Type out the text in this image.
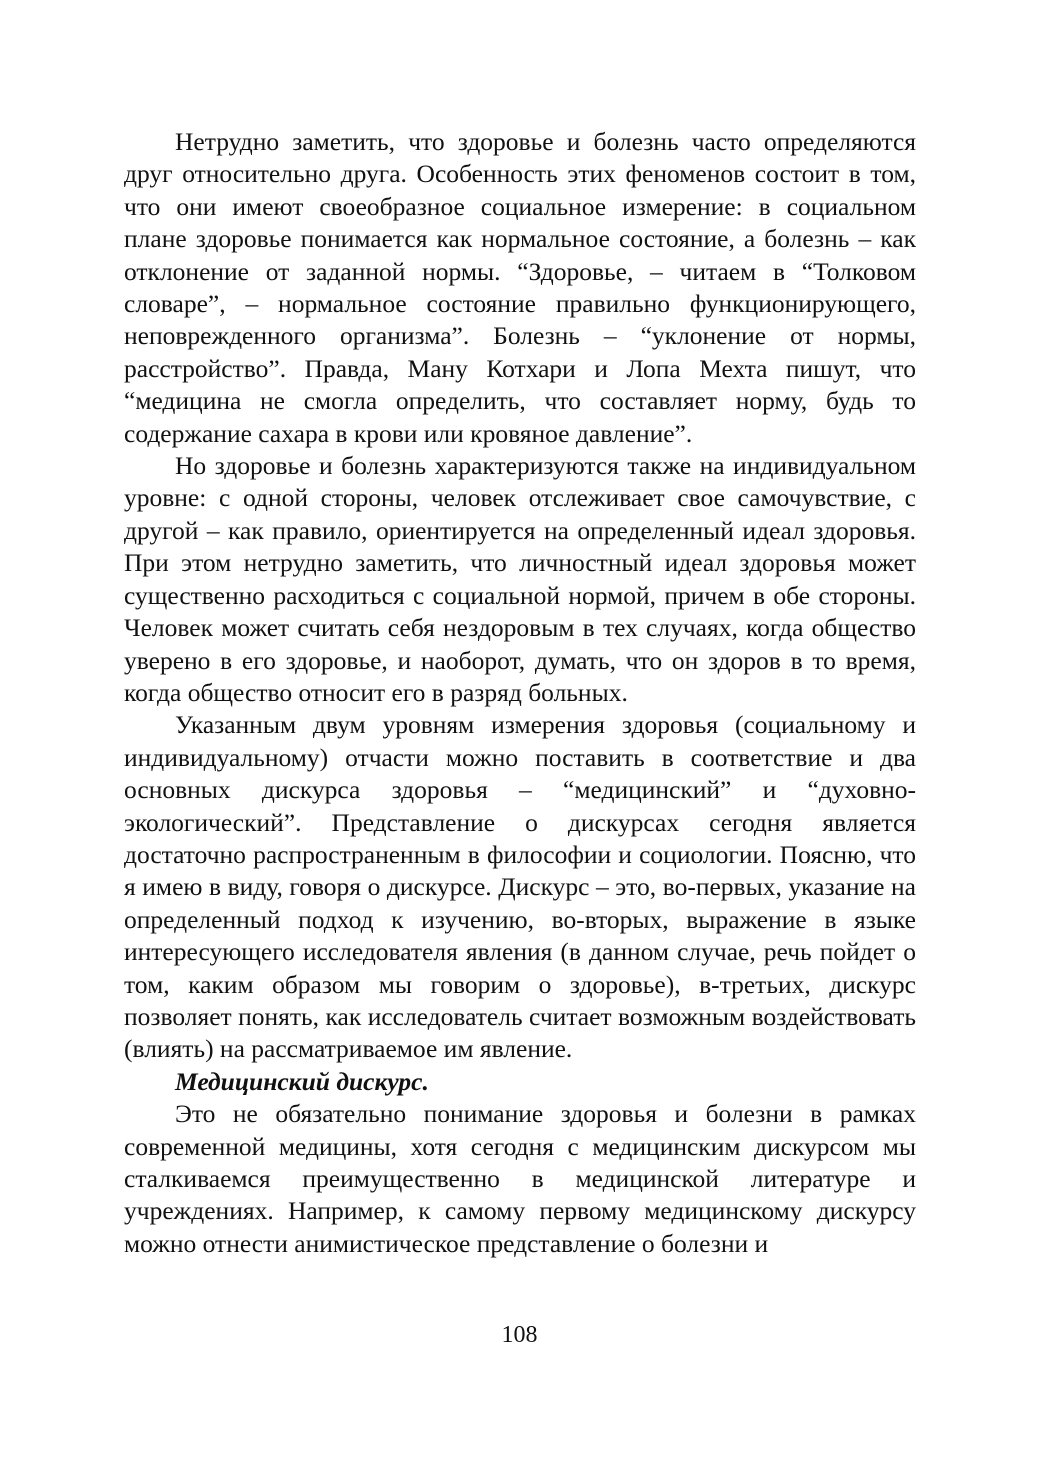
Нетрудно заметить, что здоровье и болезнь часто определяются друг относительно друга. Особенность этих феноменов состоит в том, что они имеют своеобразное социальное измерение: в социальном плане здоровье понимается как нормальное состояние, а болезнь – как отклонение от заданной нормы. “Здоровье, – читаем в “Толковом словаре”, – нормальное состояние правильно функционирующего, неповрежденного организма”. Болезнь – “уклонение от нормы, расстройство”. Правда, Ману Котхари и Лопа Мехта пишут, что “медицина не смогла определить, что составляет норму, будь то содержание сахара в крови или кровяное давление”.

Но здоровье и болезнь характеризуются также на индивидуальном уровне: с одной стороны, человек отслеживает свое самочувствие, с другой – как правило, ориентируется на определенный идеал здоровья. При этом нетрудно заметить, что личностный идеал здоровья может существенно расходиться с социальной нормой, причем в обе стороны. Человек может считать себя нездоровым в тех случаях, когда общество уверено в его здоровье, и наоборот, думать, что он здоров в то время, когда общество относит его в разряд больных.

Указанным двум уровням измерения здоровья (социальному и индивидуальному) отчасти можно поставить в соответствие и два основных дискурса здоровья – “медицинский” и “духовно-экологический”. Представление о дискурсах сегодня является достаточно распространенным в философии и социологии. Поясню, что я имею в виду, говоря о дискурсе. Дискурс – это, во-первых, указание на определенный подход к изучению, во-вторых, выражение в языке интересующего исследователя явления (в данном случае, речь пойдет о том, каким образом мы говорим о здоровье), в-третьих, дискурс позволяет понять, как исследователь считает возможным воздействовать (влиять) на рассматриваемое им явление.

Медицинский дискурс.

Это не обязательно понимание здоровья и болезни в рамках современной медицины, хотя сегодня с медицинским дискурсом мы сталкиваемся преимущественно в медицинской литературе и учреждениях. Например, к самому первому медицинскому дискурсу можно отнести анимистическое представление о болезни и

108
